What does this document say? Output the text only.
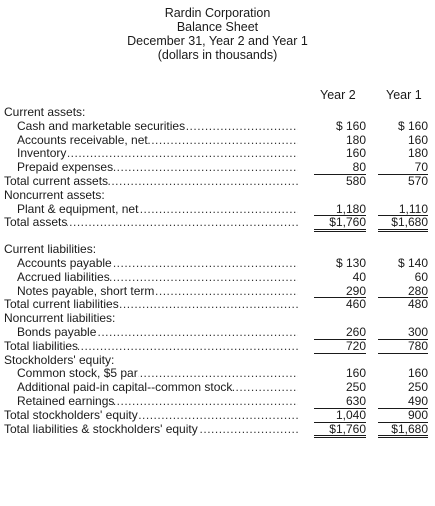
Rardin Corporation
Balance Sheet
December 31, Year 2 and Year 1
(dollars in thousands)
Year 2 Year 1
Current assets:
Cash and marketable securities .....	$ 160	$ 160
Accounts receivable, net .....	180	160
Inventory .....	160	180
Prepaid expenses .....	80	70
Total current assets .....	580	570
Noncurrent assets:
Plant & equipment, net .....	1,180	1,110
Total assets .....	$1,760	$1,680
Current liabilities:
Accounts payable .....	$ 130	$ 140
Accrued liabilities .....	40	60
Notes payable, short term .....	290	280
Total current liabilities .....	460	480
Noncurrent liabilities:
Bonds payable .....	260	300
Total liabilities .....	720	780
Stockholders' equity:
Common stock, $5 par .....	160	160
Additional paid-in capital--common stock .....	250	250
Retained earnings .....	630	490
Total stockholders' equity .....	1,040	900
Total liabilities & stockholders' equity .....	$1,760	$1,680
